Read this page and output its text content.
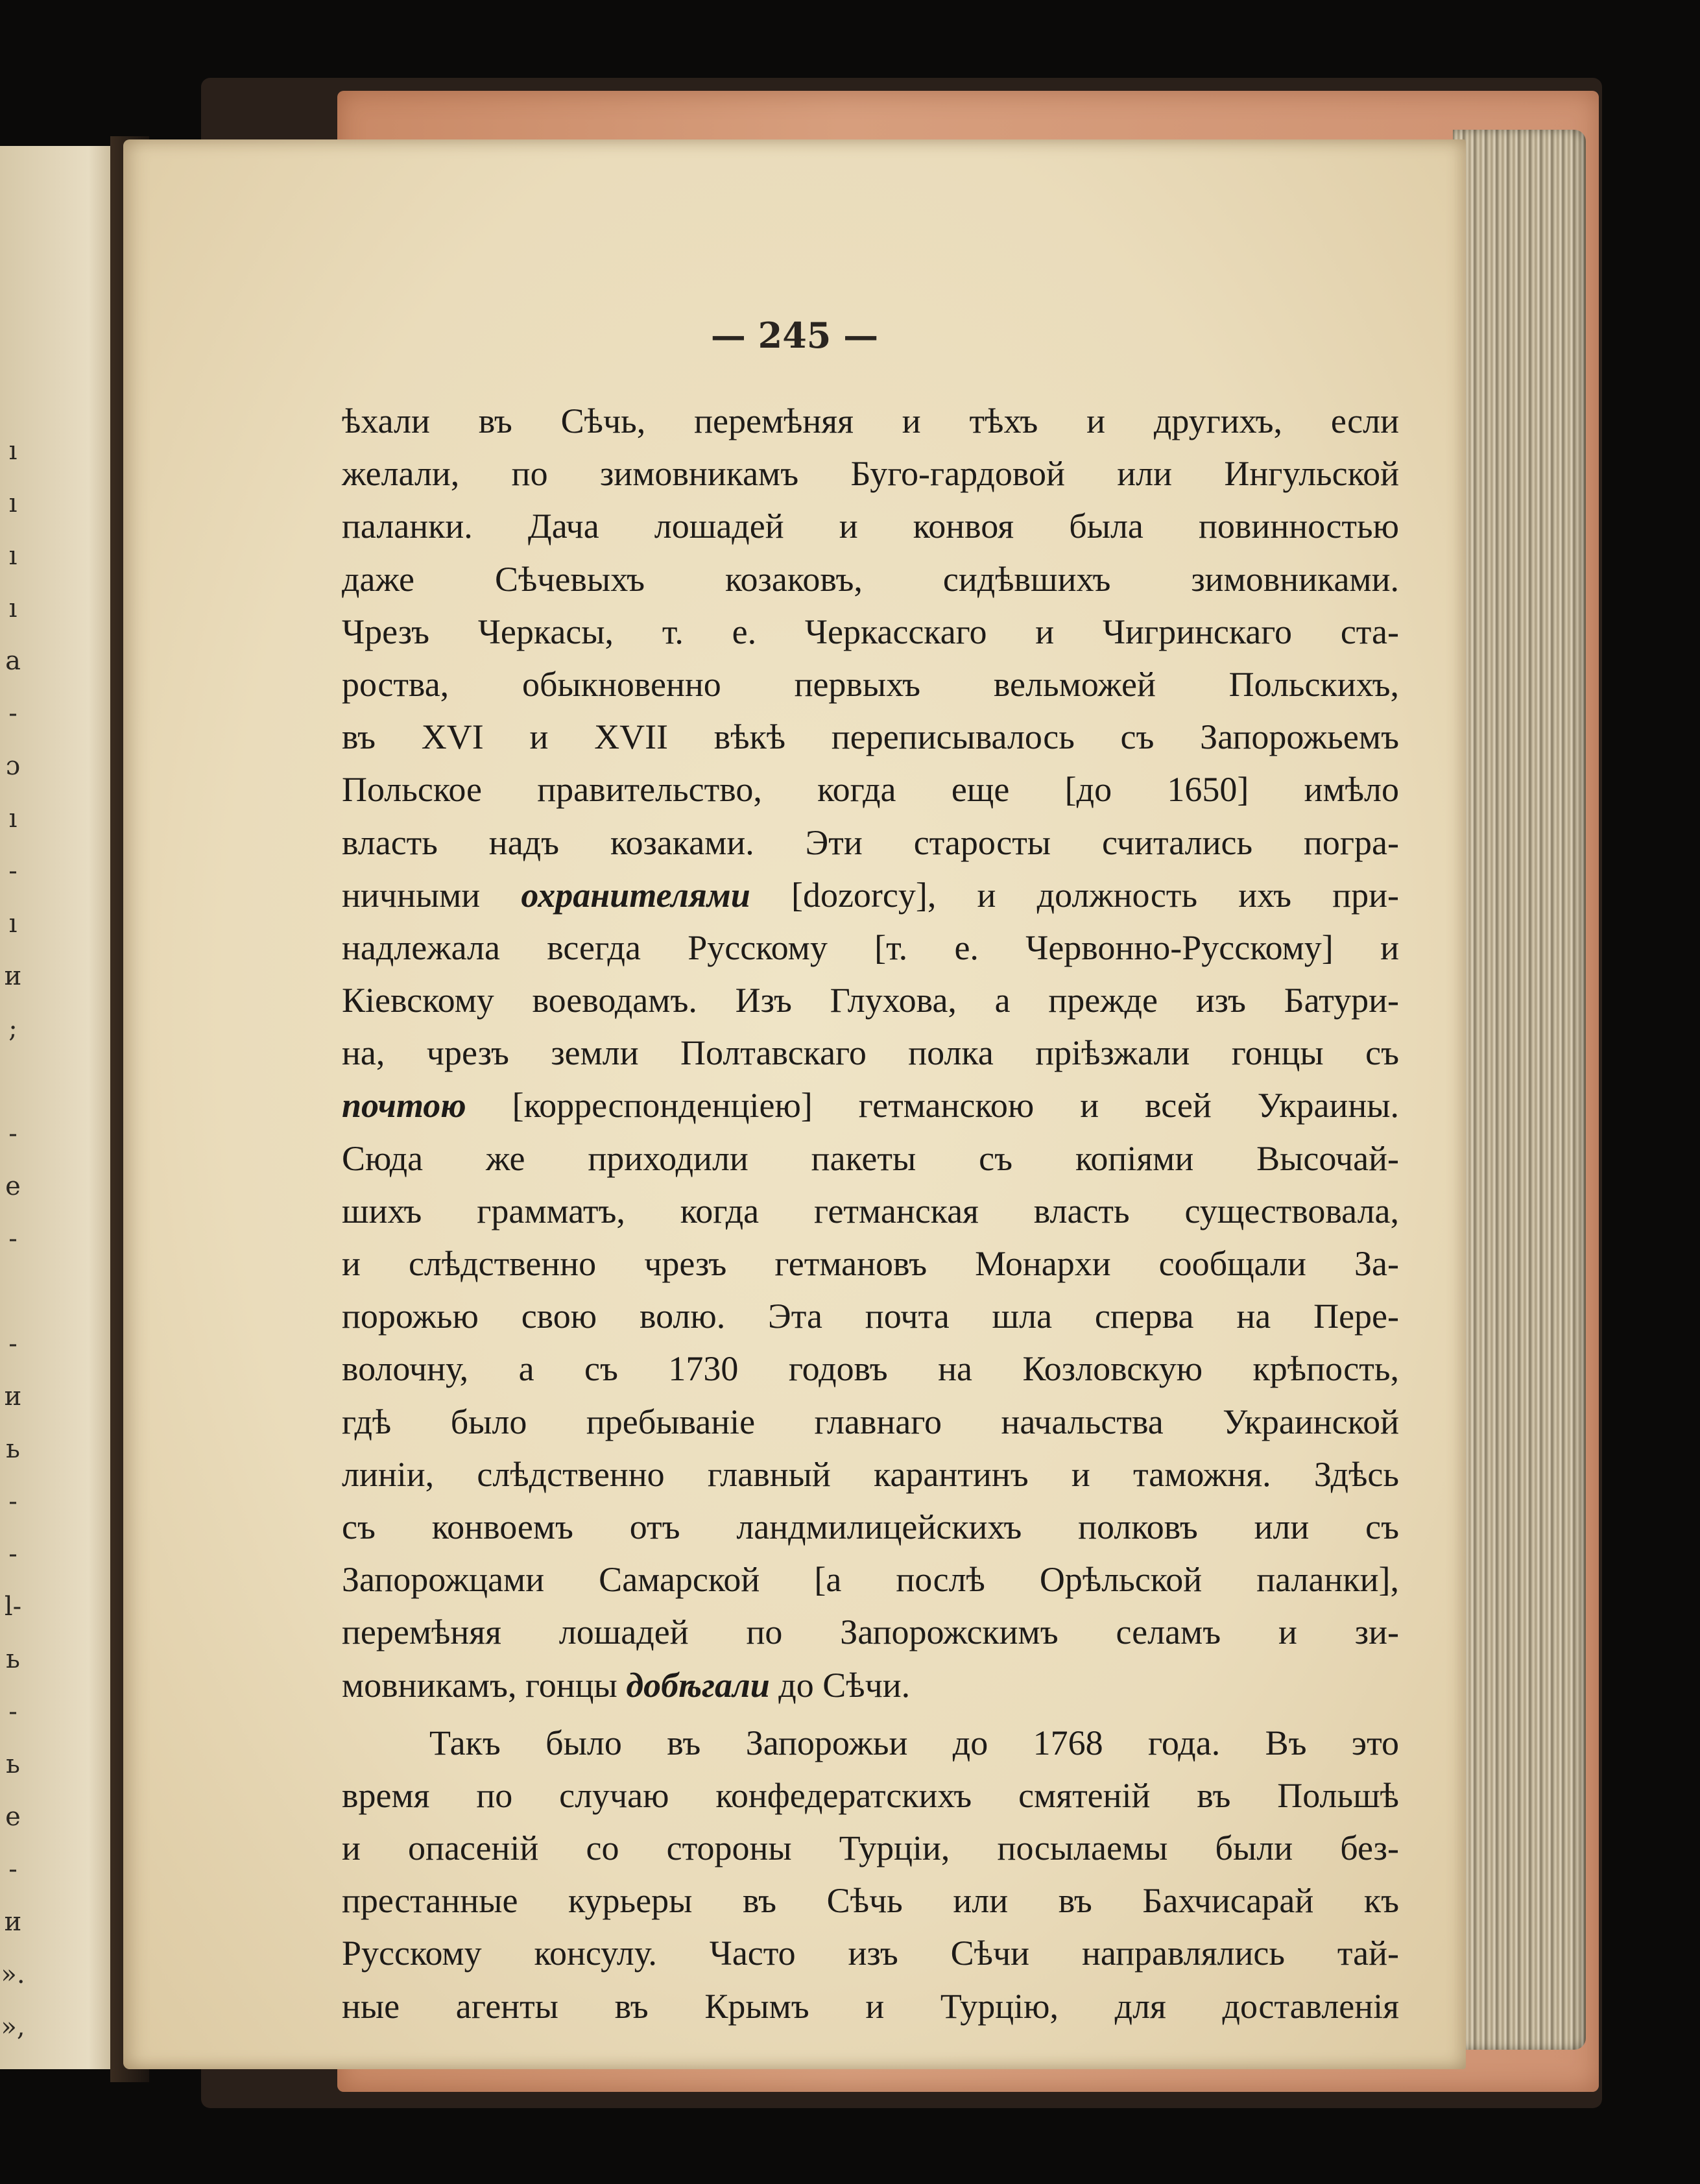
ı
ı
ı
ı
a
-
ɔ
ı
-
ı
и
;
-
e
-
-
и
ь
-
-
l-
ь
-
ь
e
-
и
».
»,
— 245 —
ѣхали въ Сѣчь, перемѣняя и тѣхъ и другихъ, если
желали, по зимовникамъ Буго-гардовой или Ингульской
паланки. Дача лошадей и конвоя была повинностью
даже Сѣчевыхъ козаковъ, сидѣвшихъ зимовниками.
Чрезъ Черкасы, т. е. Черкасскаго и Чигринскаго ста-
роства, обыкновенно первыхъ вельможей Польскихъ,
въ XVI и XVII вѣкѣ переписывалось съ Запорожьемъ
Польское правительство, когда еще [до 1650] имѣло
власть надъ козаками. Эти старосты считались погра-
ничными охранителями [dozorcy], и должность ихъ при-
надлежала всегда Русскому [т. е. Червонно-Русскому] и
Кіевскому воеводамъ. Изъ Глухова, а прежде изъ Батури-
на, чрезъ земли Полтавскаго полка пріѣзжали гонцы съ
почтою [корреспонденціею] гетманскою и всей Украины.
Сюда же приходили пакеты съ копіями Высочай-
шихъ грамматъ, когда гетманская власть существовала,
и слѣдственно чрезъ гетмановъ Монархи сообщали За-
порожью свою волю. Эта почта шла сперва на Пере-
волочну, а съ 1730 годовъ на Козловскую крѣпость,
гдѣ было пребываніе главнаго начальства Украинской
линіи, слѣдственно главный карантинъ и таможня. Здѣсь
съ конвоемъ отъ ландмилицейскихъ полковъ или съ
Запорожцами Самарской [а послѣ Орѣльской паланки],
перемѣняя лошадей по Запорожскимъ селамъ и зи-
мовникамъ, гонцы добѣгали до Сѣчи.
Такъ было въ Запорожьи до 1768 года. Въ это
время по случаю конфедератскихъ смятеній въ Польшѣ
и опасеній со стороны Турціи, посылаемы были без-
престанные курьеры въ Сѣчь или въ Бахчисарай къ
Русскому консулу. Часто изъ Сѣчи направлялись тай-
ные агенты въ Крымъ и Турцію, для доставленія
